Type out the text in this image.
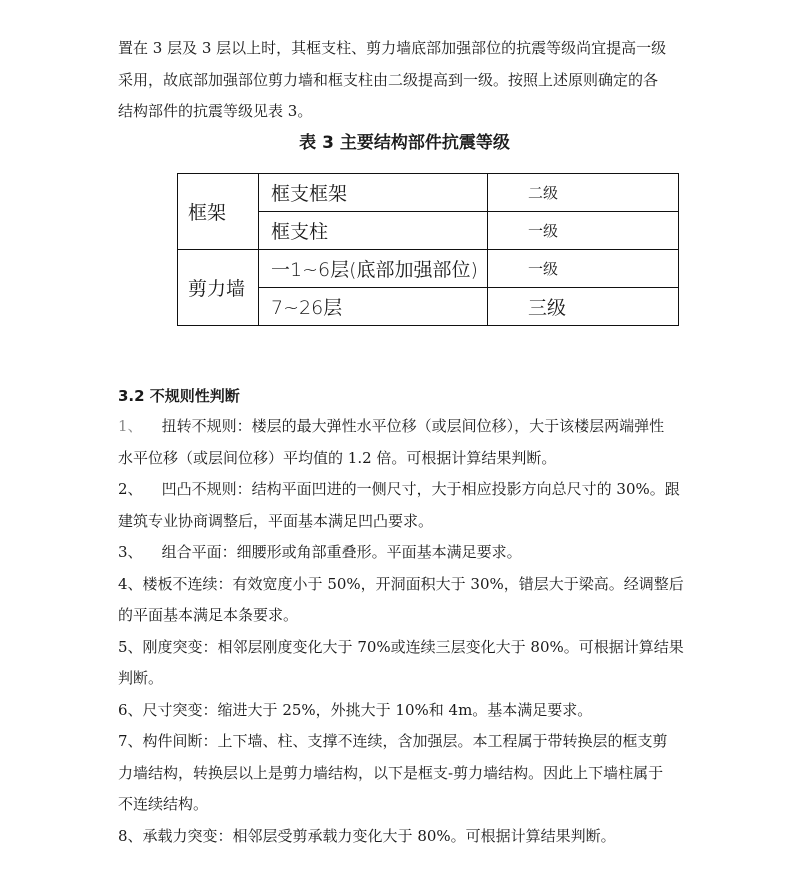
置在 3 层及 3 层以上时，其框支柱、剪力墙底部加强部位的抗震等级尚宜提高一级
采用，故底部加强部位剪力墙和框支柱由二级提高到一级。按照上述原则确定的各
结构部件的抗震等级见表 3。

表 3 主要结构部件抗震等级

框架	框支框架	二级
	框支柱	一级
剪力墙	一1~6层(底部加强部位)	一级
	7~26层	三级

3.2 不规则性判断

1、 扭转不规则：楼层的最大弹性水平位移（或层间位移），大于该楼层两端弹性
水平位移（或层间位移）平均值的 1.2 倍。可根据计算结果判断。
2、 凹凸不规则：结构平面凹进的一侧尺寸，大于相应投影方向总尺寸的 30%。跟
建筑专业协商调整后，平面基本满足凹凸要求。
3、 组合平面：细腰形或角部重叠形。平面基本满足要求。
4、楼板不连续：有效宽度小于 50%，开洞面积大于 30%，错层大于梁高。经调整后
的平面基本满足本条要求。
5、刚度突变：相邻层刚度变化大于 70%或连续三层变化大于 80%。可根据计算结果
判断。
6、尺寸突变：缩进大于 25%，外挑大于 10%和 4m。基本满足要求。
7、构件间断：上下墙、柱、支撑不连续，含加强层。本工程属于带转换层的框支剪
力墙结构，转换层以上是剪力墙结构，以下是框支-剪力墙结构。因此上下墙柱属于
不连续结构。
8、承载力突变：相邻层受剪承载力变化大于 80%。可根据计算结果判断。
